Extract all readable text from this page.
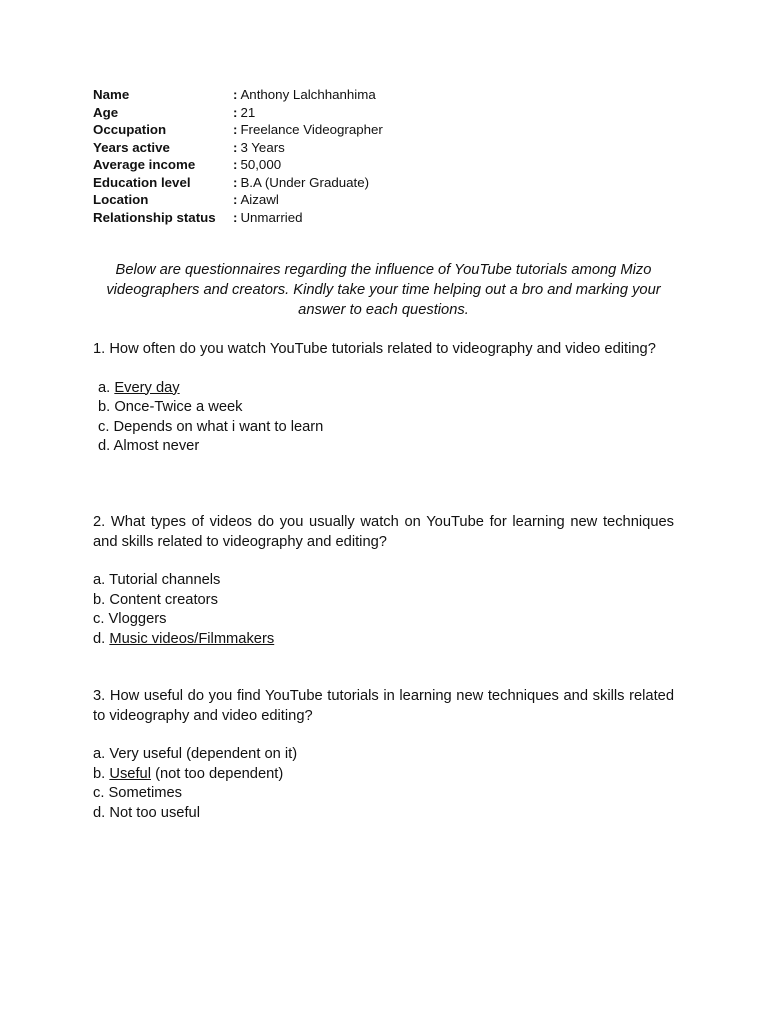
Name	: Anthony Lalchhanhima
Age	: 21
Occupation	: Freelance Videographer
Years active	: 3 Years
Average income	: 50,000
Education level	: B.A (Under Graduate)
Location	: Aizawl
Relationship status	: Unmarried

Below are questionnaires regarding the influence of YouTube tutorials among Mizo videographers and creators. Kindly take your time helping out a bro and marking your answer to each questions.

1. How often do you watch YouTube tutorials related to videography and video editing?

a. Every day
b. Once-Twice a week
c. Depends on what i want to learn
d. Almost never

2. What types of videos do you usually watch on YouTube for learning new techniques and skills related to videography and editing?

a. Tutorial channels
b. Content creators
c. Vloggers
d. Music videos/Filmmakers

3. How useful do you find YouTube tutorials in learning new techniques and skills related to videography and video editing?

a. Very useful (dependent on it)
b. Useful (not too dependent)
c. Sometimes
d. Not too useful
